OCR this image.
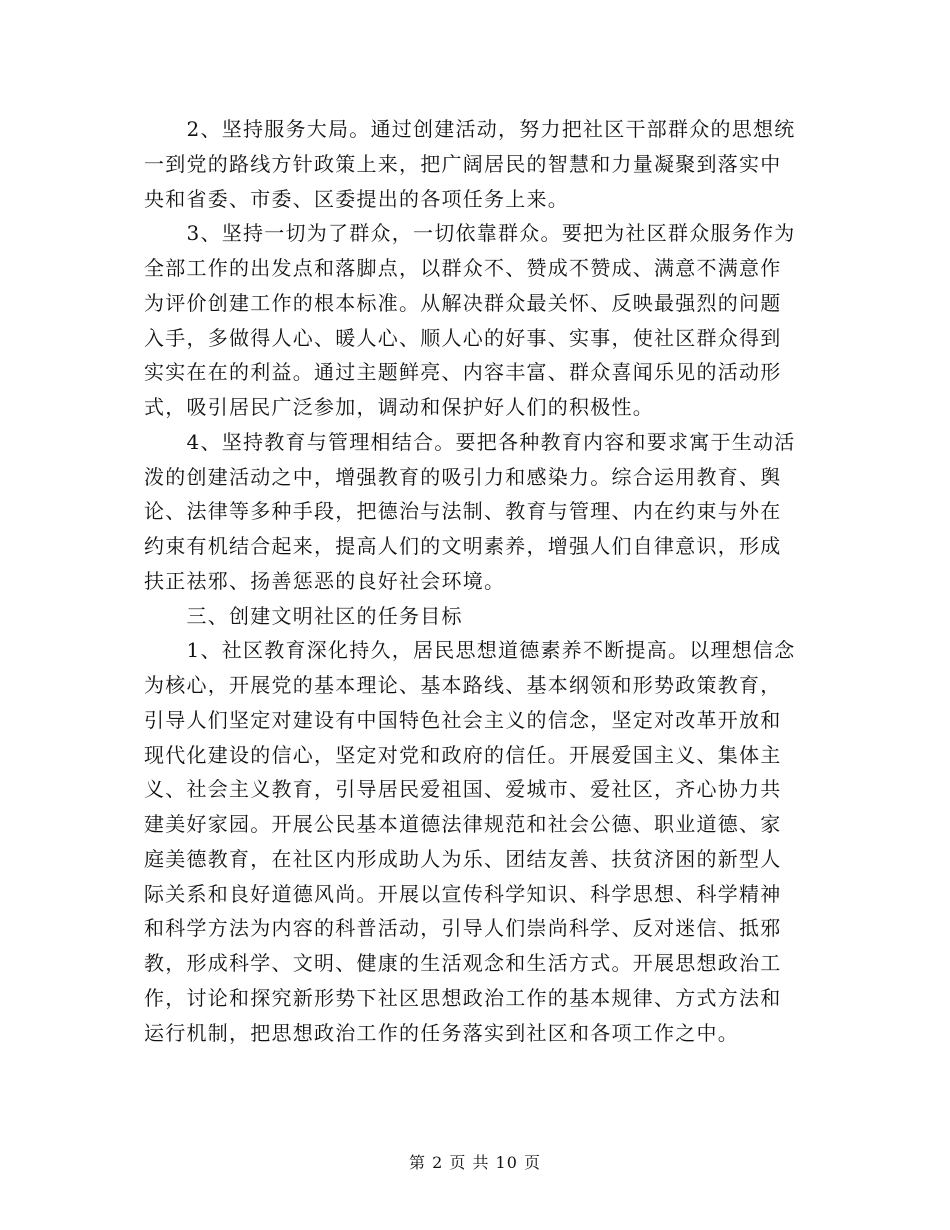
　　2、坚持服务大局。通过创建活动，努力把社区干部群众的思想统
一到党的路线方针政策上来，把广阔居民的智慧和力量凝聚到落实中
央和省委、市委、区委提出的各项任务上来。
　　3、坚持一切为了群众，一切依靠群众。要把为社区群众服务作为
全部工作的出发点和落脚点，以群众不、赞成不赞成、满意不满意作
为评价创建工作的根本标准。从解决群众最关怀、反映最强烈的问题
入手，多做得人心、暖人心、顺人心的好事、实事，使社区群众得到
实实在在的利益。通过主题鲜亮、内容丰富、群众喜闻乐见的活动形
式，吸引居民广泛参加，调动和保护好人们的积极性。
　　4、坚持教育与管理相结合。要把各种教育内容和要求寓于生动活
泼的创建活动之中，增强教育的吸引力和感染力。综合运用教育、舆
论、法律等多种手段，把德治与法制、教育与管理、内在约束与外在
约束有机结合起来，提高人们的文明素养，增强人们自律意识，形成
扶正祛邪、扬善惩恶的良好社会环境。
　　三、创建文明社区的任务目标
　　1、社区教育深化持久，居民思想道德素养不断提高。以理想信念
为核心，开展党的基本理论、基本路线、基本纲领和形势政策教育，
引导人们坚定对建设有中国特色社会主义的信念，坚定对改革开放和
现代化建设的信心，坚定对党和政府的信任。开展爱国主义、集体主
义、社会主义教育，引导居民爱祖国、爱城市、爱社区，齐心协力共
建美好家园。开展公民基本道德法律规范和社会公德、职业道德、家
庭美德教育，在社区内形成助人为乐、团结友善、扶贫济困的新型人
际关系和良好道德风尚。开展以宣传科学知识、科学思想、科学精神
和科学方法为内容的科普活动，引导人们崇尚科学、反对迷信、抵邪
教，形成科学、文明、健康的生活观念和生活方式。开展思想政治工
作，讨论和探究新形势下社区思想政治工作的基本规律、方式方法和
运行机制，把思想政治工作的任务落实到社区和各项工作之中。
第 2 页 共 10 页
